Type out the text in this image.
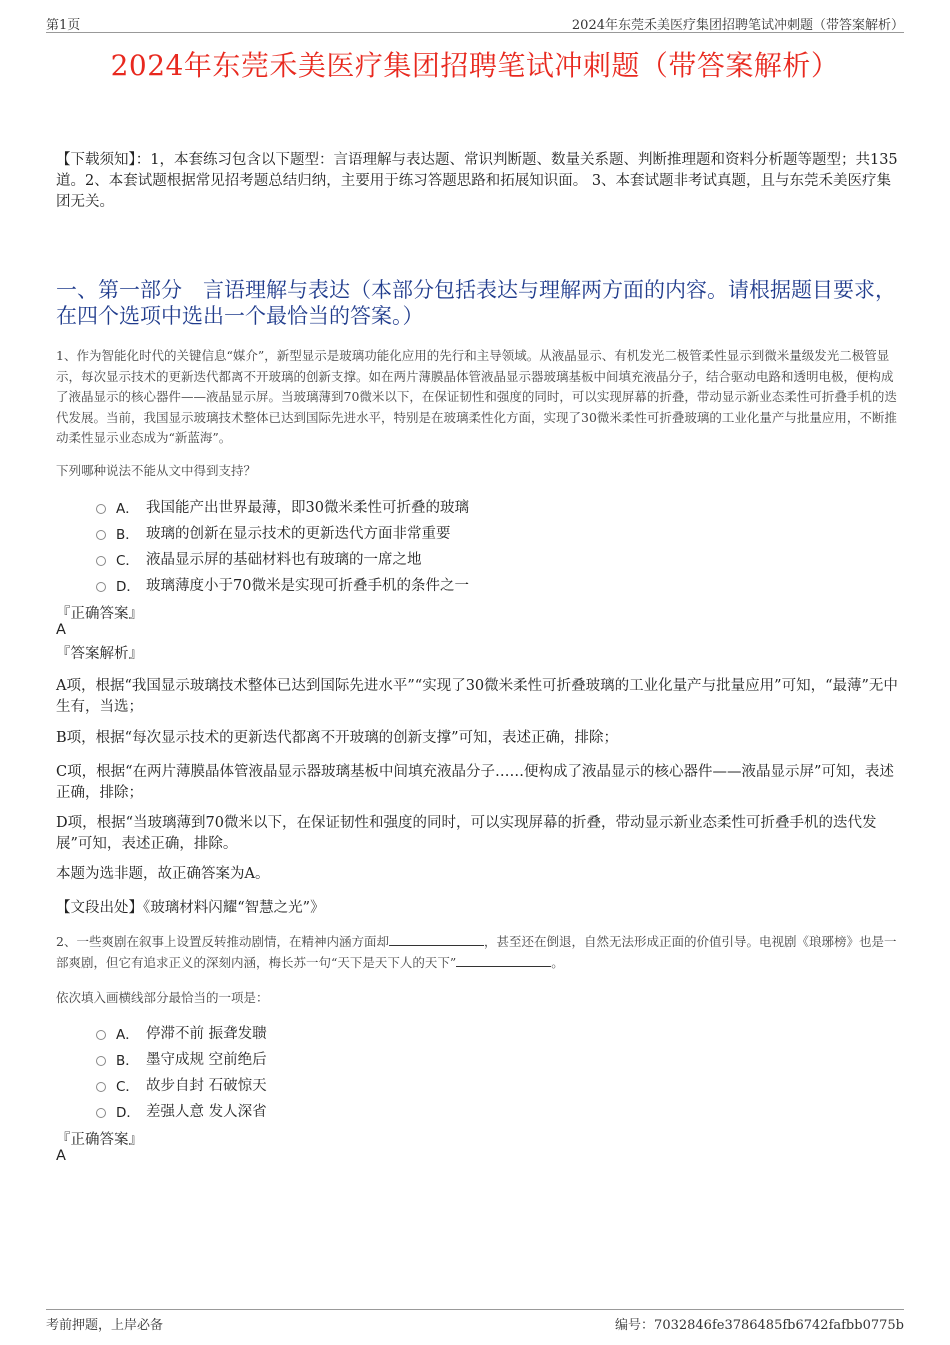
第1页	2024年东莞禾美医疗集团招聘笔试冲刺题（带答案解析）
2024年东莞禾美医疗集团招聘笔试冲刺题（带答案解析）
【下载须知】：1，本套练习包含以下题型：言语理解与表达题、常识判断题、数量关系题、判断推理题和资料分析题等题型；共135道。2、本套试题根据常见招考题总结归纳，主要用于练习答题思路和拓展知识面。 3、本套试题非考试真题，且与东莞禾美医疗集团无关。
一、第一部分　言语理解与表达（本部分包括表达与理解两方面的内容。请根据题目要求，在四个选项中选出一个最恰当的答案。）
1、作为智能化时代的关键信息“媒介”，新型显示是玻璃功能化应用的先行和主导领域。从液晶显示、有机发光二极管柔性显示到微米量级发光二极管显示，每次显示技术的更新迭代都离不开玻璃的创新支撑。如在两片薄膜晶体管液晶显示器玻璃基板中间填充液晶分子，结合驱动电路和透明电极，便构成了液晶显示的核心器件——液晶显示屏。当玻璃薄到70微米以下，在保证韧性和强度的同时，可以实现屏幕的折叠，带动显示新业态柔性可折叠手机的迭代发展。当前，我国显示玻璃技术整体已达到国际先进水平，特别是在玻璃柔性化方面，实现了30微米柔性可折叠玻璃的工业化量产与批量应用，不断推动柔性显示业态成为“新蓝海”。
下列哪种说法不能从文中得到支持？
A． 我国能产出世界最薄，即30微米柔性可折叠的玻璃
B． 玻璃的创新在显示技术的更新迭代方面非常重要
C． 液晶显示屏的基础材料也有玻璃的一席之地
D． 玻璃薄度小于70微米是实现可折叠手机的条件之一
『正确答案』
A
『答案解析』
A项，根据“我国显示玻璃技术整体已达到国际先进水平”“实现了30微米柔性可折叠玻璃的工业化量产与批量应用”可知，“最薄”无中生有，当选；
B项，根据“每次显示技术的更新迭代都离不开玻璃的创新支撑”可知，表述正确，排除；
C项，根据“在两片薄膜晶体管液晶显示器玻璃基板中间填充液晶分子……便构成了液晶显示的核心器件——液晶显示屏”可知，表述正确，排除；
D项，根据“当玻璃薄到70微米以下，在保证韧性和强度的同时，可以实现屏幕的折叠，带动显示新业态柔性可折叠手机的迭代发展”可知，表述正确，排除。
本题为选非题，故正确答案为A。
【文段出处】《玻璃材料闪耀“智慧之光”》
2、一些爽剧在叙事上设置反转推动剧情，在精神内涵方面却	，甚至还在倒退，自然无法形成正面的价值引导。电视剧《琅琊榜》也是一部爽剧，但它有追求正义的深刻内涵，梅长苏一句“天下是天下人的天下”	。
依次填入画横线部分最恰当的一项是：
A． 停滞不前 振聋发聩
B． 墨守成规 空前绝后
C． 故步自封 石破惊天
D． 差强人意 发人深省
『正确答案』
A
考前押题，上岸必备	编号：7032846fe3786485fb6742fafbb0775b
